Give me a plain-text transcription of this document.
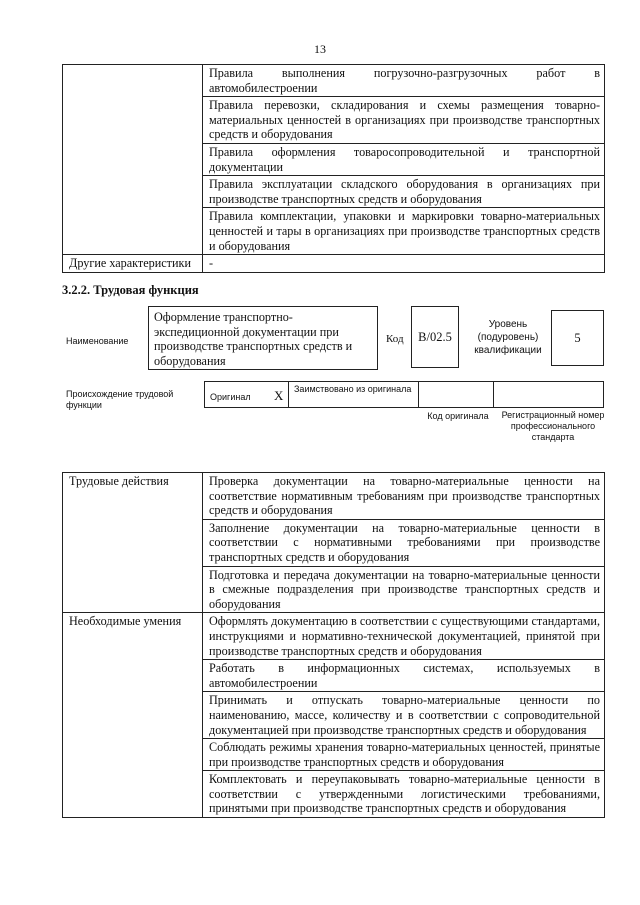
13
	Правила выполнения погрузочно-разгрузочных работ в автомобилестроении
	Правила перевозки, складирования и схемы размещения товарно-материальных ценностей в организациях при производстве транспортных средств и оборудования
	Правила оформления товаросопроводительной и транспортной документации
	Правила эксплуатации складского оборудования в организациях при производстве транспортных средств и оборудования
	Правила комплектации, упаковки и маркировки товарно-материальных ценностей и тары в организациях при производстве транспортных средств и оборудования
Другие характеристики	-
3.2.2. Трудовая функция
Наименование
Оформление транспортно-экспедиционной документации при производстве транспортных средств и оборудования
Код	B/02.5
Уровень (подуровень) квалификации
5
Происхождение трудовой функции
Оригинал X Заимствовано из оригинала
Код оригинала Регистрационный номер профессионального стандарта
Трудовые действия	Проверка документации на товарно-материальные ценности на соответствие нормативным требованиям при производстве транспортных средств и оборудования
	Заполнение документации на товарно-материальные ценности в соответствии с нормативными требованиями при производстве транспортных средств и оборудования
	Подготовка и передача документации на товарно-материальные ценности в смежные подразделения при производстве транспортных средств и оборудования
Необходимые умения	Оформлять документацию в соответствии с существующими стандартами, инструкциями и нормативно-технической документацией, принятой при производстве транспортных средств и оборудования
	Работать в информационных системах, используемых в автомобилестроении
	Принимать и отпускать товарно-материальные ценности по наименованию, массе, количеству и в соответствии с сопроводительной документацией при производстве транспортных средств и оборудования
	Соблюдать режимы хранения товарно-материальных ценностей, принятые при производстве транспортных средств и оборудования
	Комплектовать и переупаковывать товарно-материальные ценности в соответствии с утвержденными логистическими требованиями, принятыми при производстве транспортных средств и оборудования
